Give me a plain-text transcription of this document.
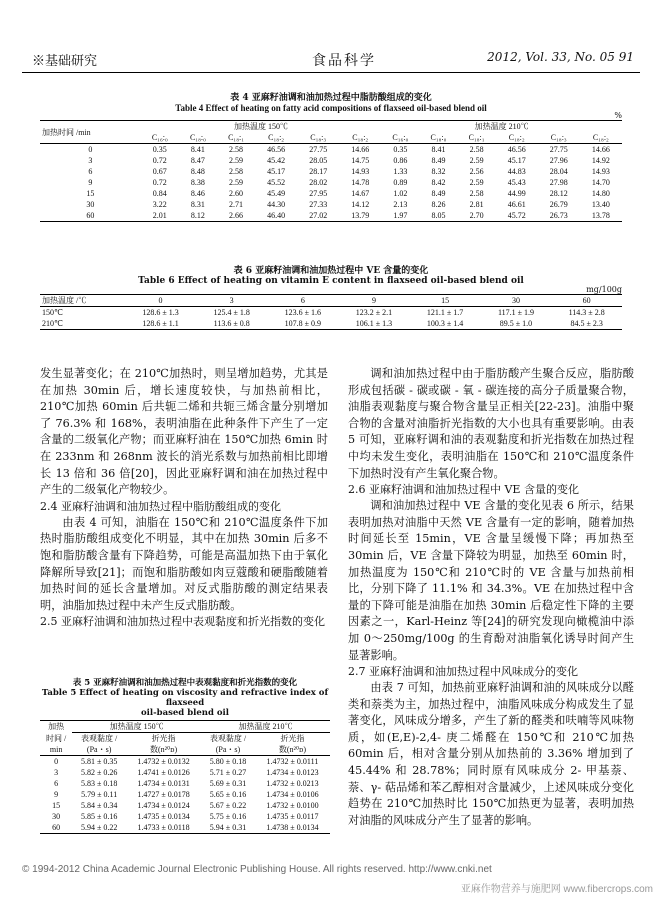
※基础研究	食品科学	2012, Vol. 33, No. 05 91
表 4 亚麻籽油调和油加热过程中脂肪酸组成的变化
Table 4 Effect of heating on fatty acid compositions of flaxseed oil-based blend oil
%
加热时间 /min	加热温度 150℃						加热温度 210℃					
	C₁₆:₀	C₁₈:₀	C₁₈:₁	C₁₈:₂	C₁₈:₃	C₁₈:₂	C₁₆:₀	C₁₈:₀	C₁₈:₁	C₁₈:₂	C₁₈:₃	C₁₈:₂
0	0.35	8.41	2.58	46.56	27.75	14.66	0.35	8.41	2.58	46.56	27.75	14.66
3	0.72	8.47	2.59	45.42	28.05	14.75	0.86	8.49	2.59	45.17	27.96	14.92
6	0.67	8.48	2.58	45.17	28.17	14.93	1.33	8.32	2.56	44.83	28.04	14.93
9	0.72	8.38	2.59	45.52	28.02	14.78	0.89	8.42	2.59	45.43	27.98	14.70
15	0.84	8.46	2.60	45.49	27.95	14.67	1.02	8.49	2.58	44.99	28.12	14.80
30	3.22	8.31	2.71	44.30	27.33	14.12	2.13	8.26	2.81	46.61	26.79	13.40
60	2.01	8.12	2.66	46.40	27.02	13.79	1.97	8.05	2.70	45.72	26.73	13.78
表 6 亚麻籽油调和油加热过程中 VE 含量的变化
Table 6 Effect of heating on vitamin E content in flaxseed oil-based blend oil
mg/100g
加热温度 /℃	0	3	6	9	15	30	60
150℃	128.6 ± 1.3	125.4 ± 1.8	123.6 ± 1.6	123.2 ± 2.1	121.1 ± 1.7	117.1 ± 1.9	114.3 ± 2.8
210℃	128.6 ± 1.1	113.6 ± 0.8	107.8 ± 0.9	106.1 ± 1.3	100.3 ± 1.4	89.5 ± 1.0	84.5 ± 2.3

发生显著变化；在 210℃加热时，则呈增加趋势，尤其是在加热 30min 后，增长速度较快，与加热前相比，210℃加热 60min 后共轭二烯和共轭三烯含量分别增加了 76.3% 和 168%，表明油脂在此种条件下产生了一定含量的二级氧化产物；而亚麻籽油在 150℃加热 6min 时在 233nm 和 268nm 波长的消光系数与加热前相比即增长 13 倍和 36 倍[20]，因此亚麻籽调和油在加热过程中产生的二级氧化产物较少。

2.4 亚麻籽油调和油加热过程中脂肪酸组成的变化

由表 4 可知，油脂在 150℃和 210℃温度条件下加热时脂肪酸组成变化不明显，其中在加热 30min 后多不饱和脂肪酸含量有下降趋势，可能是高温加热下由于氧化降解所导致[21]；而饱和脂肪酸如肉豆蔻酸和硬脂酸随着加热时间的延长含量增加。对反式脂肪酸的测定结果表明，油脂加热过程中未产生反式脂肪酸。

2.5 亚麻籽油调和油加热过程中表观黏度和折光指数的变化

表 5 亚麻籽油调和油加热过程中表观黏度和折光指数的变化
Table 5 Effect of heating on viscosity and refractive index of flaxseed
oil-based blend oil
加热	加热温度 150℃		加热温度 210℃	
时间 /	表观黏度 /	折光指	表观黏度 /	折光指
min	(Pa・s)	数(n²⁰ᴅ)	(Pa・s)	数(n²⁰ᴅ)
0	5.81 ± 0.35	1.4732 ± 0.0132	5.80 ± 0.18	1.4732 ± 0.0111
3	5.82 ± 0.26	1.4741 ± 0.0126	5.71 ± 0.27	1.4734 ± 0.0123
6	5.83 ± 0.18	1.4734 ± 0.0131	5.69 ± 0.31	1.4732 ± 0.0213
9	5.79 ± 0.11	1.4727 ± 0.0178	5.65 ± 0.16	1.4734 ± 0.0106
15	5.84 ± 0.34	1.4734 ± 0.0124	5.67 ± 0.22	1.4732 ± 0.0100
30	5.85 ± 0.16	1.4735 ± 0.0134	5.75 ± 0.16	1.4735 ± 0.0117
60	5.94 ± 0.22	1.4733 ± 0.0118	5.94 ± 0.31	1.4738 ± 0.0134

调和油加热过程中由于脂肪酸产生聚合反应，脂肪酸形成包括碳 - 碳或碳 - 氧 - 碳连接的高分子质量聚合物，油脂表观黏度与聚合物含量呈正相关[22-23]。油脂中聚合物的含量对油脂折光指数的大小也具有重要影响。由表 5 可知，亚麻籽调和油的表观黏度和折光指数在加热过程中均未发生变化，表明油脂在 150℃和 210℃温度条件下加热时没有产生氧化聚合物。

2.6 亚麻籽油调和油加热过程中 VE 含量的变化

调和油加热过程中 VE 含量的变化见表 6 所示，结果表明加热对油脂中天然 VE 含量有一定的影响，随着加热时间延长至 15min，VE 含量呈缓慢下降；再加热至 30min 后，VE 含量下降较为明显，加热至 60min 时，加热温度为 150℃和 210℃时的 VE 含量与加热前相比，分别下降了 11.1% 和 34.3%。VE 在加热过程中含量的下降可能是油脂在加热 30min 后稳定性下降的主要因素之一，Karl-Heinz 等[24]的研究发现向橄榄油中添加 0～250mg/100g 的生育酚对油脂氧化诱导时间产生显著影响。

2.7 亚麻籽油调和油加热过程中风味成分的变化

由表 7 可知，加热前亚麻籽油调和油的风味成分以醛类和萘类为主，加热过程中，油脂风味成分构成发生了显著变化，风味成分增多，产生了新的醛类和呋喃等风味物质，如(E,E)-2,4- 庚二烯醛在 150℃和 210℃加热 60min 后，相对含量分别从加热前的 3.36% 增加到了 45.44% 和 28.78%；同时原有风味成分 2- 甲基萘、萘、γ- 萜品烯和苯乙醇相对含量减少，上述风味成分变化趋势在 210℃加热时比 150℃加热更为显著，表明加热对油脂的风味成分产生了显著的影响。

© 1994-2012 China Academic Journal Electronic Publishing House. All rights reserved. http://www.cnki.net
亚麻作物营养与施肥网 www.fibercrops.com
